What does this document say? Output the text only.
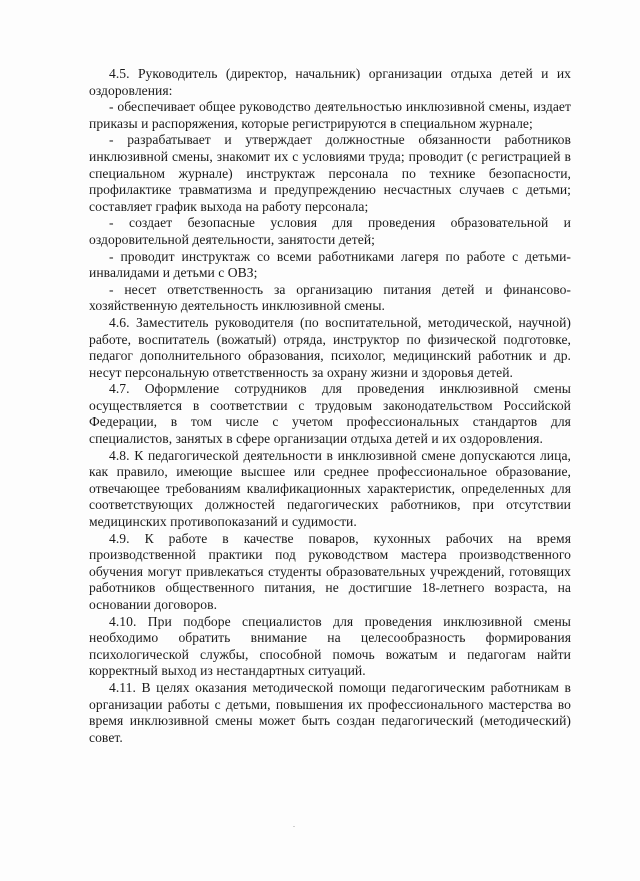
4.5. Руководитель (директор, начальник) организации отдыха детей и их оздоровления:

- обеспечивает общее руководство деятельностью инклюзивной смены, издает приказы и распоряжения, которые регистрируются в специальном журнале;

- разрабатывает и утверждает должностные обязанности работников инклюзивной смены, знакомит их с условиями труда; проводит (с регистрацией в специальном журнале) инструктаж персонала по технике безопасности, профилактике травматизма и предупреждению несчастных случаев с детьми; составляет график выхода на работу персонала;

- создает безопасные условия для проведения образовательной и оздоровительной деятельности, занятости детей;

- проводит инструктаж со всеми работниками лагеря по работе с детьми-инвалидами и детьми с ОВЗ;

- несет ответственность за организацию питания детей и финансово-хозяйственную деятельность инклюзивной смены.

4.6. Заместитель руководителя (по воспитательной, методической, научной) работе, воспитатель (вожатый) отряда, инструктор по физической подготовке, педагог дополнительного образования, психолог, медицинский работник и др. несут персональную ответственность за охрану жизни и здоровья детей.

4.7. Оформление сотрудников для проведения инклюзивной смены осуществляется в соответствии с трудовым законодательством Российской Федерации, в том числе с учетом профессиональных стандартов для специалистов, занятых в сфере организации отдыха детей и их оздоровления.

4.8. К педагогической деятельности в инклюзивной смене допускаются лица, как правило, имеющие высшее или среднее профессиональное образование, отвечающее требованиям квалификационных характеристик, определенных для соответствующих должностей педагогических работников, при отсутствии медицинских противопоказаний и судимости.

4.9. К работе в качестве поваров, кухонных рабочих на время производственной практики под руководством мастера производственного обучения могут привлекаться студенты образовательных учреждений, готовящих работников общественного питания, не достигшие 18-летнего возраста, на основании договоров.

4.10. При подборе специалистов для проведения инклюзивной смены необходимо обратить внимание на целесообразность формирования психологической службы, способной помочь вожатым и педагогам найти корректный выход из нестандартных ситуаций.

4.11. В целях оказания методической помощи педагогическим работникам в организации работы с детьми, повышения их профессионального мастерства во время инклюзивной смены может быть создан педагогический (методический) совет.
